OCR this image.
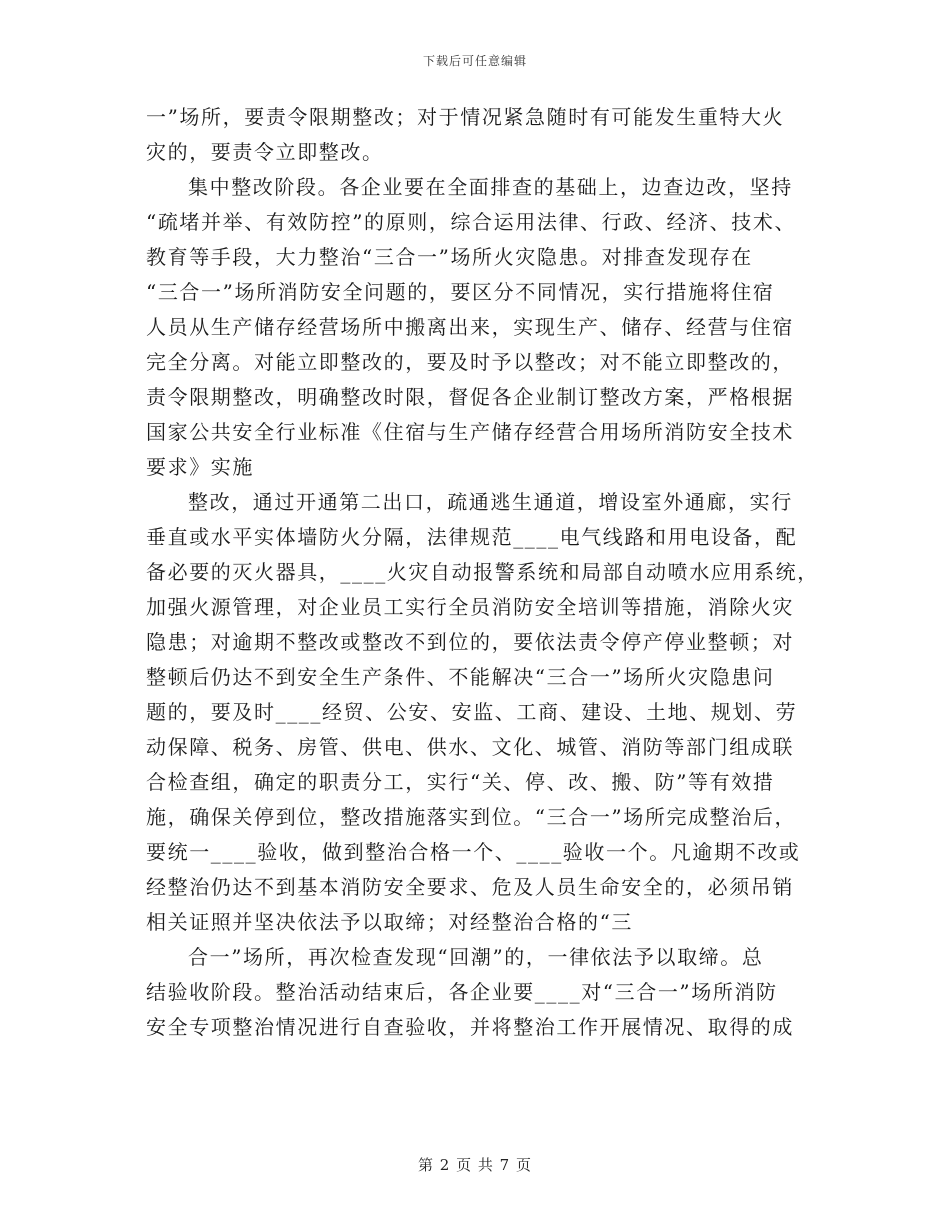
下载后可任意编辑
一”场所，要责令限期整改；对于情况紧急随时有可能发生重特大火
灾的，要责令立即整改。
集中整改阶段。各企业要在全面排查的基础上，边查边改，坚持
“疏堵并举、有效防控”的原则，综合运用法律、行政、经济、技术、
教育等手段，大力整治“三合一”场所火灾隐患。对排查发现存在
“三合一”场所消防安全问题的，要区分不同情况，实行措施将住宿
人员从生产储存经营场所中搬离出来，实现生产、储存、经营与住宿
完全分离。对能立即整改的，要及时予以整改；对不能立即整改的，
责令限期整改，明确整改时限，督促各企业制订整改方案，严格根据
国家公共安全行业标准《住宿与生产储存经营合用场所消防安全技术
要求》实施
整改，通过开通第二出口，疏通逃生通道，增设室外通廊，实行
垂直或水平实体墙防火分隔，法律规范____电气线路和用电设备，配
备必要的灭火器具，____火灾自动报警系统和局部自动喷水应用系统，
加强火源管理，对企业员工实行全员消防安全培训等措施，消除火灾
隐患；对逾期不整改或整改不到位的，要依法责令停产停业整顿；对
整顿后仍达不到安全生产条件、不能解决“三合一”场所火灾隐患问
题的，要及时____经贸、公安、安监、工商、建设、土地、规划、劳
动保障、税务、房管、供电、供水、文化、城管、消防等部门组成联
合检查组，确定的职责分工，实行“关、停、改、搬、防”等有效措
施，确保关停到位，整改措施落实到位。“三合一”场所完成整治后，
要统一____验收，做到整治合格一个、____验收一个。凡逾期不改或
经整治仍达不到基本消防安全要求、危及人员生命安全的，必须吊销
相关证照并坚决依法予以取缔；对经整治合格的“三
合一”场所，再次检查发现“回潮”的，一律依法予以取缔。总
结验收阶段。整治活动结束后，各企业要____对“三合一”场所消防
安全专项整治情况进行自查验收，并将整治工作开展情况、取得的成
第 2 页 共 7 页
